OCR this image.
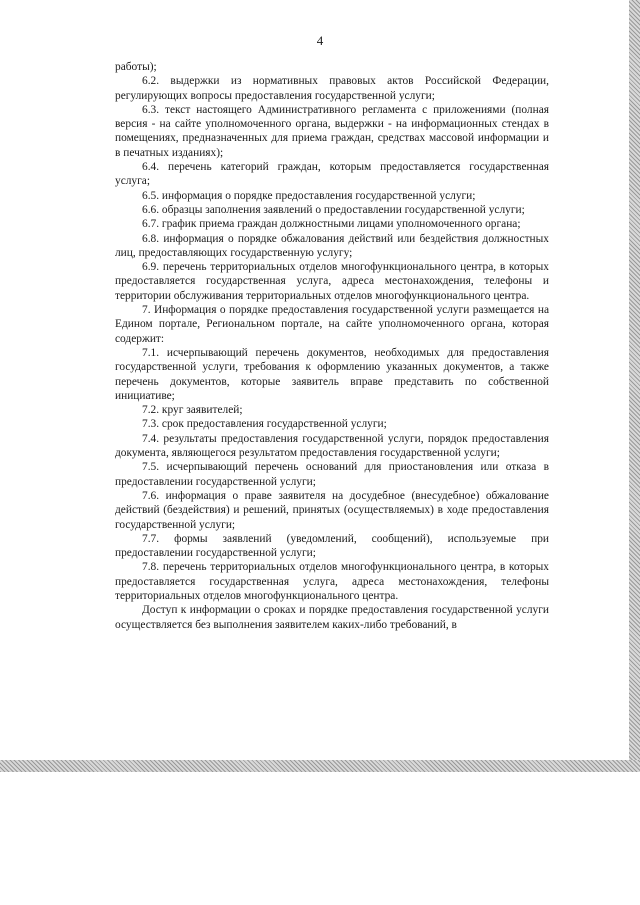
4

работы);

6.2. выдержки из нормативных правовых актов Российской Федерации, регулирующих вопросы предоставления государственной услуги;

6.3. текст настоящего Административного регламента с приложениями (полная версия - на сайте уполномоченного органа, выдержки - на информационных стендах в помещениях, предназначенных для приема граждан, средствах массовой информации и в печатных изданиях);

6.4. перечень категорий граждан, которым предоставляется государственная услуга;

6.5. информация о порядке предоставления государственной услуги;

6.6. образцы заполнения заявлений о предоставлении государственной услуги;

6.7. график приема граждан должностными лицами уполномоченного органа;

6.8. информация о порядке обжалования действий или бездействия должностных лиц, предоставляющих государственную услугу;

6.9. перечень территориальных отделов многофункционального центра, в которых предоставляется государственная услуга, адреса местонахождения, телефоны и территории обслуживания территориальных отделов многофункционального центра.

7. Информация о порядке предоставления государственной услуги размещается на Едином портале, Региональном портале, на сайте уполномоченного органа, которая содержит:

7.1. исчерпывающий перечень документов, необходимых для предоставления государственной услуги, требования к оформлению указанных документов, а также перечень документов, которые заявитель вправе представить по собственной инициативе;

7.2. круг заявителей;

7.3. срок предоставления государственной услуги;

7.4. результаты предоставления государственной услуги, порядок предоставления документа, являющегося результатом предоставления государственной услуги;

7.5. исчерпывающий перечень оснований для приостановления или отказа в предоставлении государственной услуги;

7.6. информация о праве заявителя на досудебное (внесудебное) обжалование действий (бездействия) и решений, принятых (осуществляемых) в ходе предоставления государственной услуги;

7.7. формы заявлений (уведомлений, сообщений), используемые при предоставлении государственной услуги;

7.8. перечень территориальных отделов многофункционального центра, в которых предоставляется государственная услуга, адреса местонахождения, телефоны территориальных отделов многофункционального центра.

Доступ к информации о сроках и порядке предоставления государственной услуги осуществляется без выполнения заявителем каких-либо требований, в
